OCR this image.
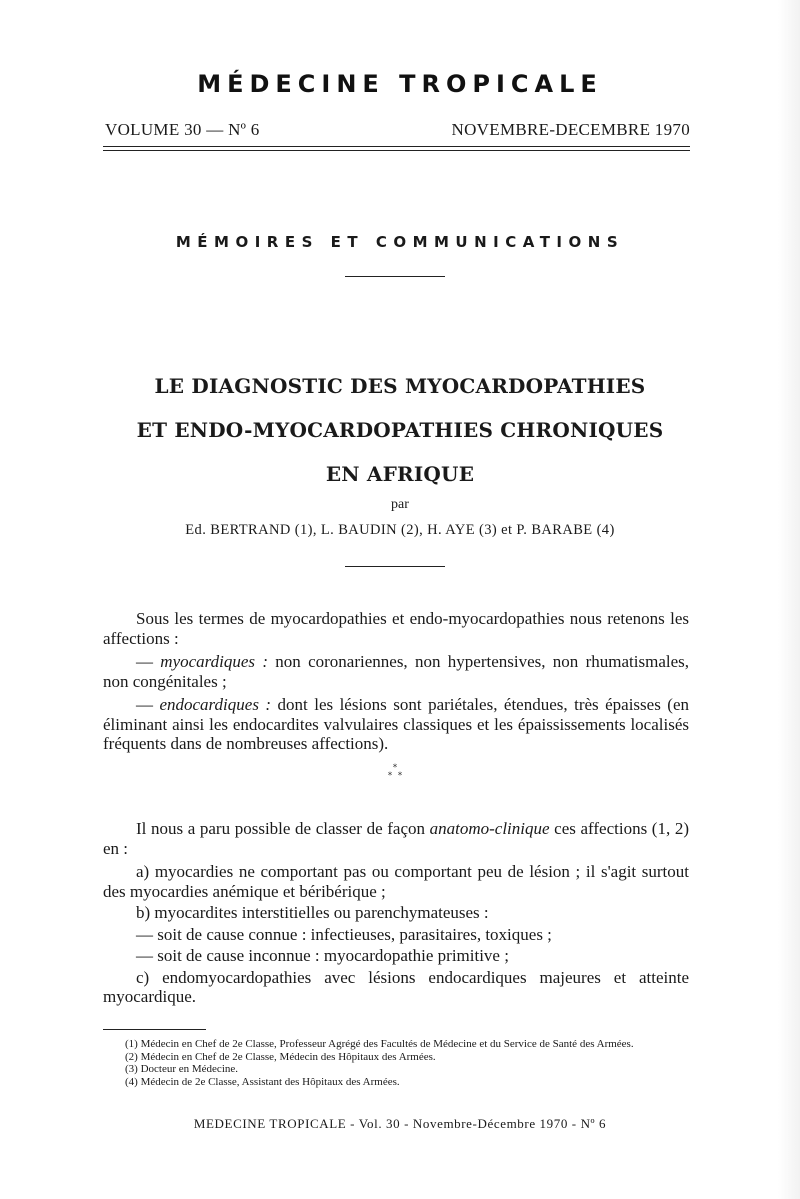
MÉDECINE TROPICALE
VOLUME 30 — Nº 6	NOVEMBRE-DECEMBRE 1970
MÉMOIRES ET COMMUNICATIONS
LE DIAGNOSTIC DES MYOCARDOPATHIES
ET ENDO-MYOCARDOPATHIES CHRONIQUES
EN AFRIQUE
par
Ed. BERTRAND (1), L. BAUDIN (2), H. AYE (3) et P. BARABE (4)

Sous les termes de myocardopathies et endo-myocardopathies nous retenons les affections :

— myocardiques : non coronariennes, non hypertensives, non rhumatismales, non congénitales ;

— endocardiques : dont les lésions sont pariétales, étendues, très épaisses (en éliminant ainsi les endocardites valvulaires classiques et les épaississements localisés fréquents dans de nombreuses affections).

*
* *

Il nous a paru possible de classer de façon anatomo-clinique ces affections (1, 2) en :

a) myocardies ne comportant pas ou comportant peu de lésion ; il s'agit surtout des myocardies anémique et béribérique ;

b) myocardites interstitielles ou parenchymateuses :

— soit de cause connue : infectieuses, parasitaires, toxiques ;

— soit de cause inconnue : myocardopathie primitive ;

c) endomyocardopathies avec lésions endocardiques majeures et atteinte myocardique.

(1) Médecin en Chef de 2e Classe, Professeur Agrégé des Facultés de Médecine et du Service de Santé des Armées.
(2) Médecin en Chef de 2e Classe, Médecin des Hôpitaux des Armées.
(3) Docteur en Médecine.
(4) Médecin de 2e Classe, Assistant des Hôpitaux des Armées.
MEDECINE TROPICALE - Vol. 30 - Novembre-Décembre 1970 - Nº 6
